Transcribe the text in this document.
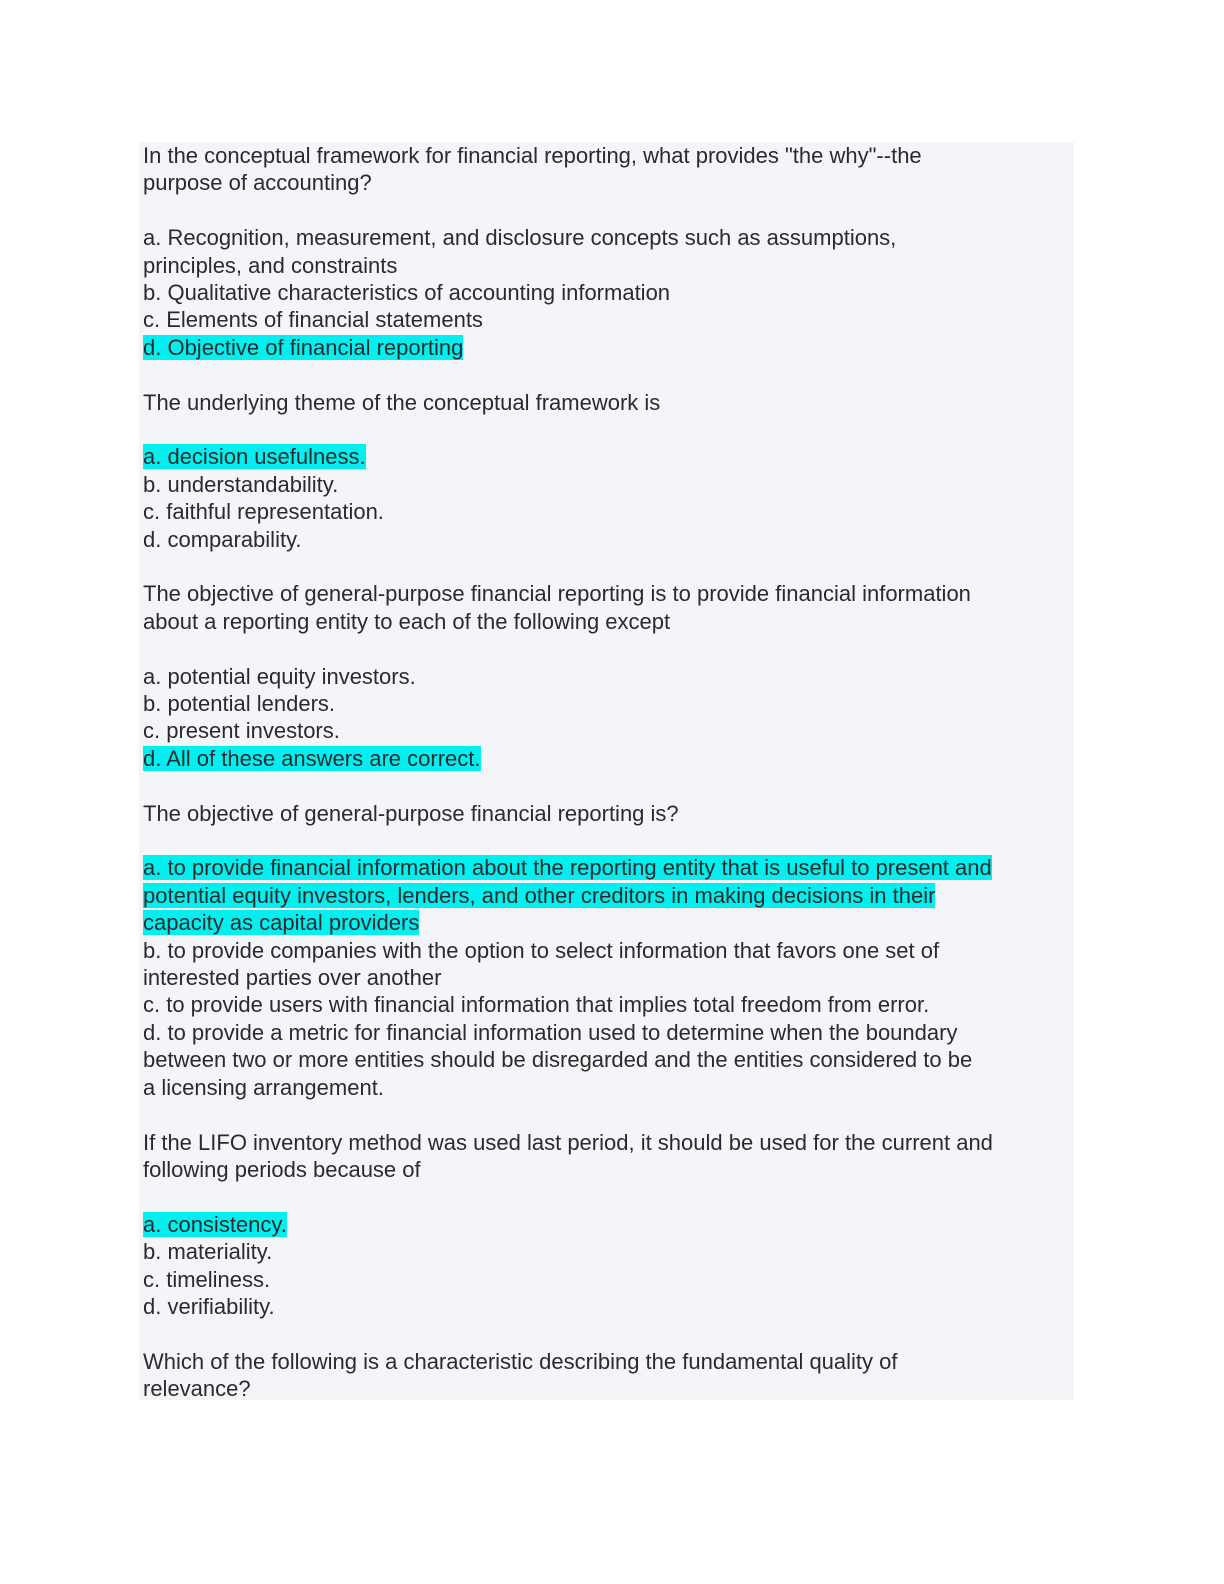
In the conceptual framework for financial reporting, what provides "the why"--the
purpose of accounting?

a. Recognition, measurement, and disclosure concepts such as assumptions,
principles, and constraints
b. Qualitative characteristics of accounting information
c. Elements of financial statements
d. Objective of financial reporting

The underlying theme of the conceptual framework is

a. decision usefulness.
b. understandability.
c. faithful representation.
d. comparability.

The objective of general-purpose financial reporting is to provide financial information
about a reporting entity to each of the following except

a. potential equity investors.
b. potential lenders.
c. present investors.
d. All of these answers are correct.

The objective of general-purpose financial reporting is?

a. to provide financial information about the reporting entity that is useful to present and
potential equity investors, lenders, and other creditors in making decisions in their
capacity as capital providers
b. to provide companies with the option to select information that favors one set of
interested parties over another
c. to provide users with financial information that implies total freedom from error.
d. to provide a metric for financial information used to determine when the boundary
between two or more entities should be disregarded and the entities considered to be
a licensing arrangement.

If the LIFO inventory method was used last period, it should be used for the current and
following periods because of

a. consistency.
b. materiality.
c. timeliness.
d. verifiability.

Which of the following is a characteristic describing the fundamental quality of
relevance?
